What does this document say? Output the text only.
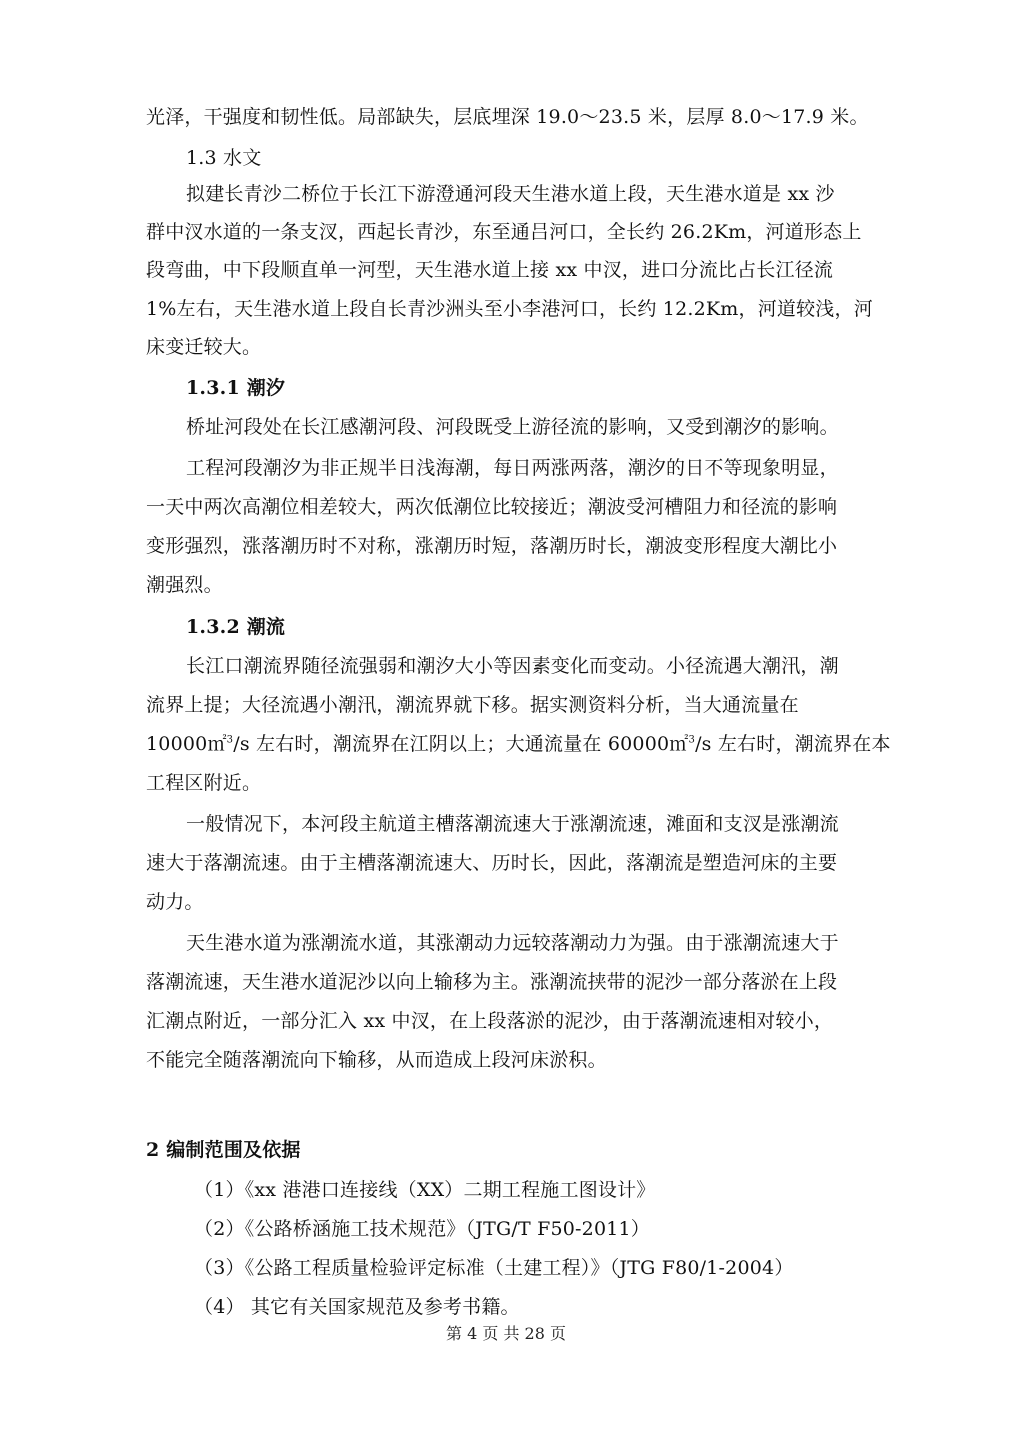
光泽，干强度和韧性低。局部缺失，层底埋深 19.0～23.5 米，层厚 8.0～17.9 米。
1.3 水文
拟建长青沙二桥位于长江下游澄通河段天生港水道上段，天生港水道是 xx 沙
群中汊水道的一条支汊，西起长青沙，东至通吕河口，全长约 26.2Km，河道形态上
段弯曲，中下段顺直单一河型，天生港水道上接 xx 中汊，进口分流比占长江径流
1%左右，天生港水道上段自长青沙洲头至小李港河口，长约 12.2Km，河道较浅，河
床变迁较大。
1.3.1 潮汐
桥址河段处在长江感潮河段、河段既受上游径流的影响，又受到潮汐的影响。
工程河段潮汐为非正规半日浅海潮，每日两涨两落，潮汐的日不等现象明显，
一天中两次高潮位相差较大，两次低潮位比较接近；潮波受河槽阻力和径流的影响
变形强烈，涨落潮历时不对称，涨潮历时短，落潮历时长，潮波变形程度大潮比小
潮强烈。
1.3.2 潮流
长江口潮流界随径流强弱和潮汐大小等因素变化而变动。小径流遇大潮汛，潮
流界上提；大径流遇小潮汛，潮流界就下移。据实测资料分析，当大通流量在
10000㎡$^3$/s 左右时，潮流界在江阴以上；大通流量在 60000㎡$^3$/s 左右时，潮流界在本
工程区附近。
一般情况下，本河段主航道主槽落潮流速大于涨潮流速，滩面和支汊是涨潮流
速大于落潮流速。由于主槽落潮流速大、历时长，因此，落潮流是塑造河床的主要
动力。
天生港水道为涨潮流水道，其涨潮动力远较落潮动力为强。由于涨潮流速大于
落潮流速，天生港水道泥沙以向上输移为主。涨潮流挟带的泥沙一部分落淤在上段
汇潮点附近，一部分汇入 xx 中汊，在上段落淤的泥沙，由于落潮流速相对较小，
不能完全随落潮流向下输移，从而造成上段河床淤积。
2 编制范围及依据
（1）《xx 港港口连接线（XX）二期工程施工图设计》
（2）《公路桥涵施工技术规范》（JTG/T F50-2011）
（3）《公路工程质量检验评定标准（土建工程）》（JTG F80/1-2004）
（4） 其它有关国家规范及参考书籍。
第 4 页 共 28 页
